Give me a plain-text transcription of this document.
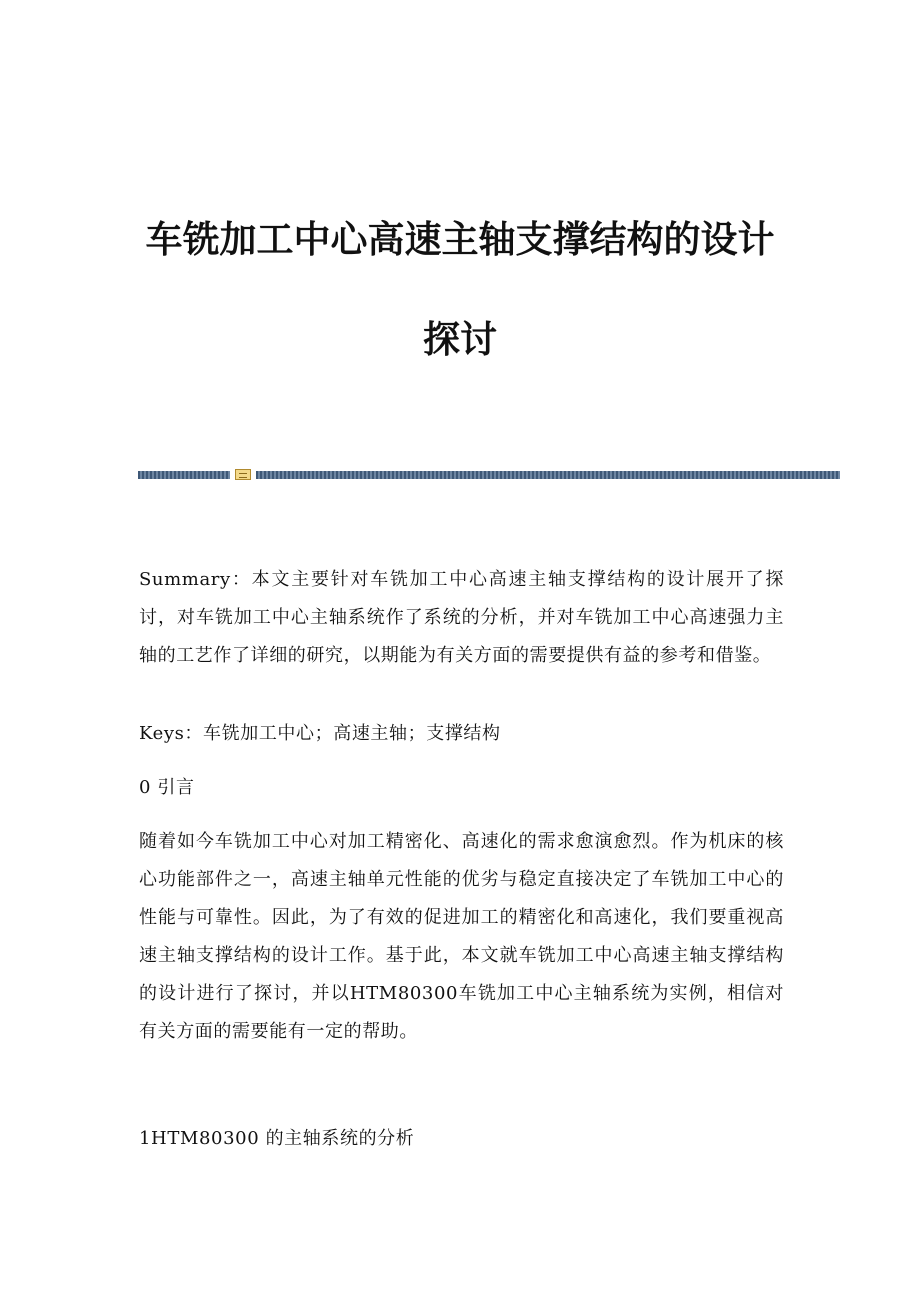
车铣加工中心高速主轴支撑结构的设计
探讨

Summary：本文主要针对车铣加工中心高速主轴支撑结构的设计展开了探讨，对车铣加工中心主轴系统作了系统的分析，并对车铣加工中心高速强力主轴的工艺作了详细的研究，以期能为有关方面的需要提供有益的参考和借鉴。

Keys：车铣加工中心；高速主轴；支撑结构

0 引言

随着如今车铣加工中心对加工精密化、高速化的需求愈演愈烈。作为机床的核心功能部件之一，高速主轴单元性能的优劣与稳定直接决定了车铣加工中心的性能与可靠性。因此，为了有效的促进加工的精密化和高速化，我们要重视高速主轴支撑结构的设计工作。基于此，本文就车铣加工中心高速主轴支撑结构的设计进行了探讨，并以HTM80300车铣加工中心主轴系统为实例，相信对有关方面的需要能有一定的帮助。

1HTM80300 的主轴系统的分析
